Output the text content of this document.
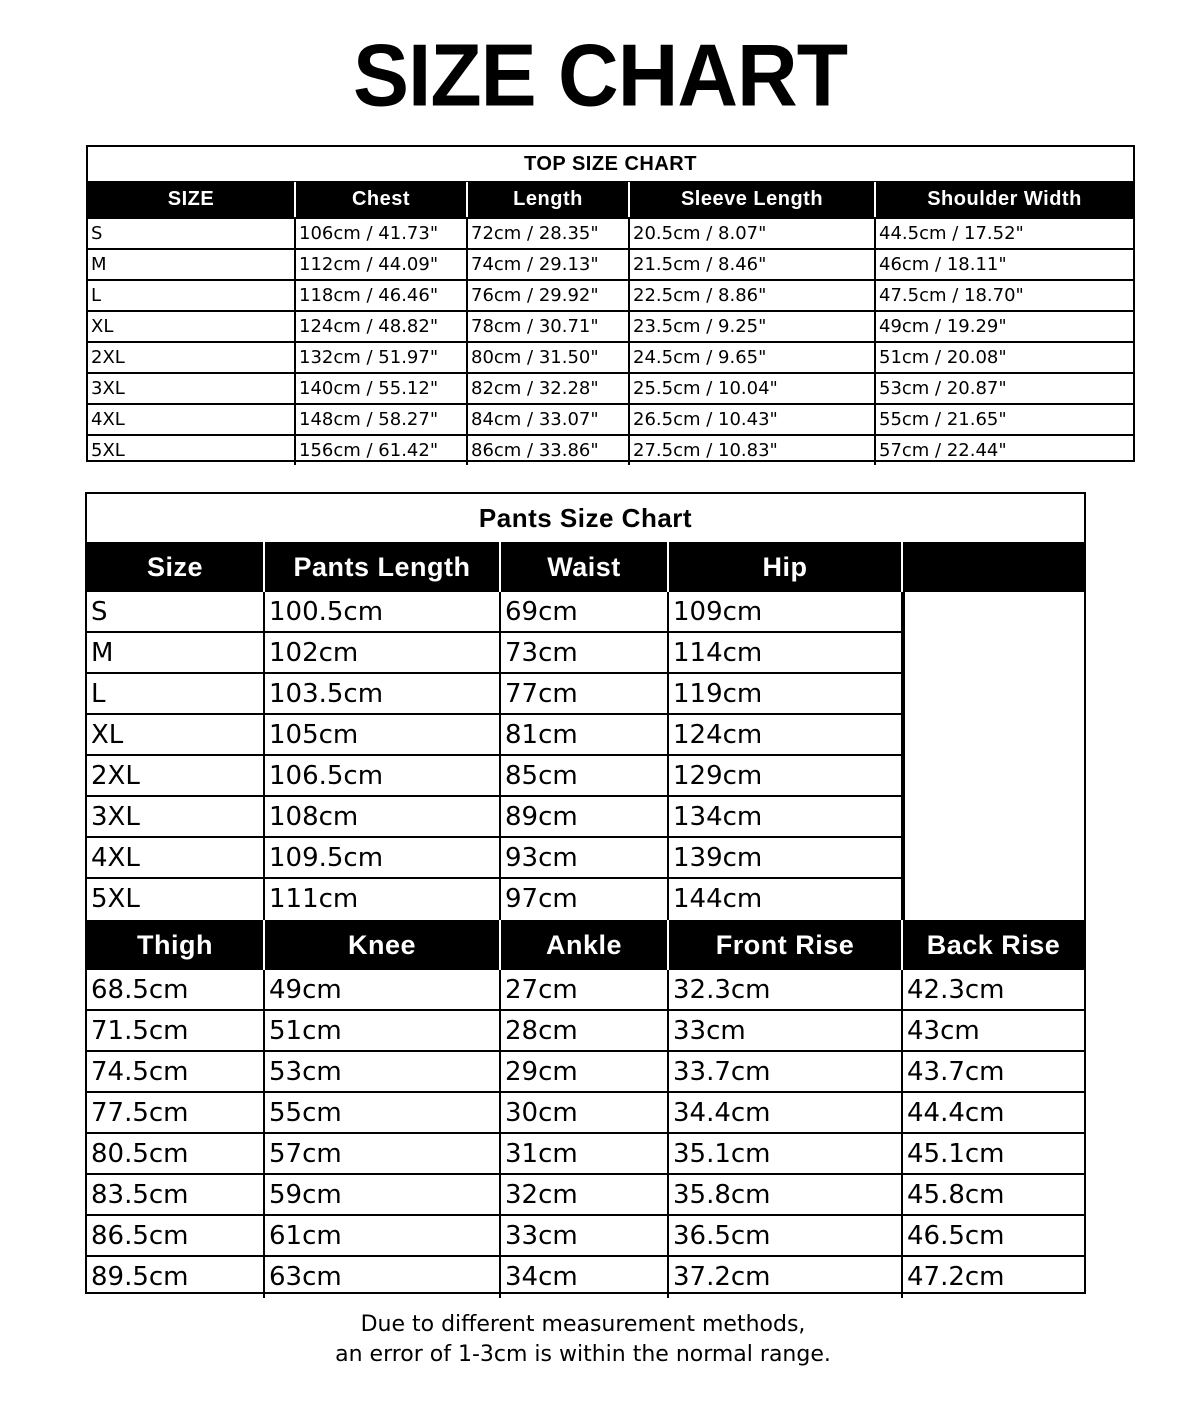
SIZE CHART
TOP SIZE CHART
SIZE	Chest	Length	Sleeve Length	Shoulder Width
S	106cm / 41.73"	72cm / 28.35"	20.5cm / 8.07"	44.5cm / 17.52"
M	112cm / 44.09"	74cm / 29.13"	21.5cm / 8.46"	46cm / 18.11"
L	118cm / 46.46"	76cm / 29.92"	22.5cm / 8.86"	47.5cm / 18.70"
XL	124cm / 48.82"	78cm / 30.71"	23.5cm / 9.25"	49cm / 19.29"
2XL	132cm / 51.97"	80cm / 31.50"	24.5cm / 9.65"	51cm / 20.08"
3XL	140cm / 55.12"	82cm / 32.28"	25.5cm / 10.04"	53cm / 20.87"
4XL	148cm / 58.27"	84cm / 33.07"	26.5cm / 10.43"	55cm / 21.65"
5XL	156cm / 61.42"	86cm / 33.86"	27.5cm / 10.83"	57cm / 22.44"
Pants Size Chart
Size	Pants Length	Waist	Hip
S	100.5cm	69cm	109cm
M	102cm	73cm	114cm
L	103.5cm	77cm	119cm
XL	105cm	81cm	124cm
2XL	106.5cm	85cm	129cm
3XL	108cm	89cm	134cm
4XL	109.5cm	93cm	139cm
5XL	111cm	97cm	144cm
Thigh	Knee	Ankle	Front Rise	Back Rise
68.5cm	49cm	27cm	32.3cm	42.3cm
71.5cm	51cm	28cm	33cm	43cm
74.5cm	53cm	29cm	33.7cm	43.7cm
77.5cm	55cm	30cm	34.4cm	44.4cm
80.5cm	57cm	31cm	35.1cm	45.1cm
83.5cm	59cm	32cm	35.8cm	45.8cm
86.5cm	61cm	33cm	36.5cm	46.5cm
89.5cm	63cm	34cm	37.2cm	47.2cm
Due to different measurement methods,
an error of 1-3cm is within the normal range.
